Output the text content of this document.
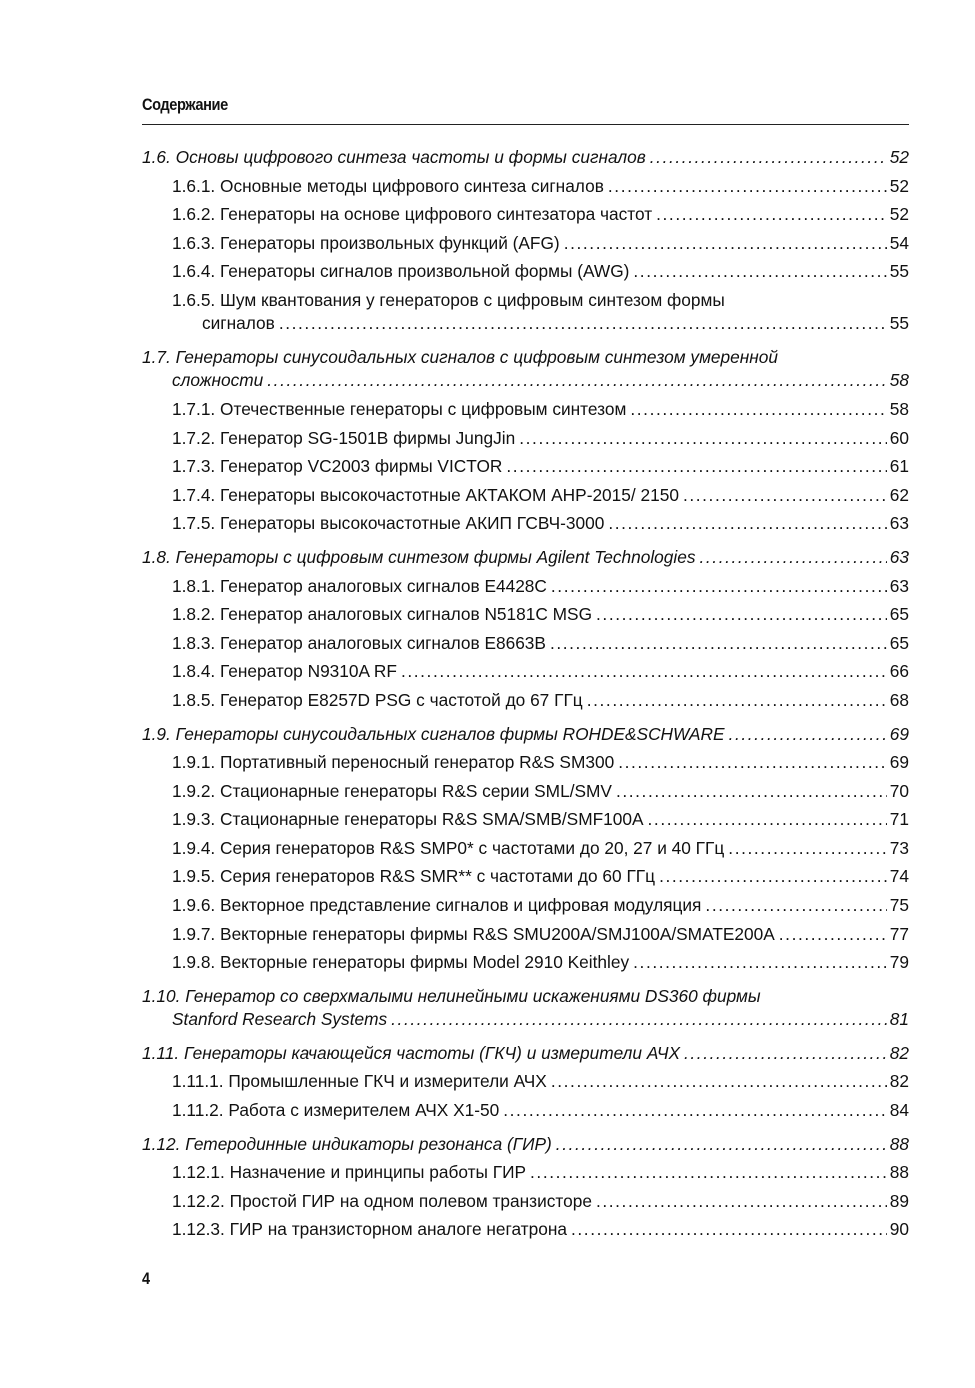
Содержание
1.6. Основы цифрового синтеза частоты и формы сигналов .....	52
1.6.1. Основные методы цифрового синтеза сигналов .....	52
1.6.2. Генераторы на основе цифрового синтезатора частот .....	52
1.6.3. Генераторы произвольных функций (AFG) .....	54
1.6.4. Генераторы сигналов произвольной формы (AWG) .....	55
1.6.5. Шум квантования у генераторов с цифровым синтезом формы
сигналов .....	55
1.7. Генераторы синусоидальных сигналов с цифровым синтезом умеренной
сложности .....	58
1.7.1. Отечественные генераторы с цифровым синтезом .....	58
1.7.2. Генератор SG-1501B фирмы JungJin .....	60
1.7.3. Генератор VC2003 фирмы VICTOR .....	61
1.7.4. Генераторы высокочастотные АКТАКОМ AHP-2015/ 2150 .....	62
1.7.5. Генераторы высокочастотные АКИП ГСВЧ-3000 .....	63
1.8. Генераторы с цифровым синтезом фирмы Agilent Technologies .....	63
1.8.1. Генератор аналоговых сигналов E4428C .....	63
1.8.2. Генератор аналоговых сигналов N5181C MSG .....	65
1.8.3. Генератор аналоговых сигналов E8663B .....	65
1.8.4. Генератор N9310A RF .....	66
1.8.5. Генератор E8257D PSG с частотой до 67 ГГц .....	68
1.9. Генераторы синусоидальных сигналов фирмы ROHDE&SCHWARE .....	69
1.9.1. Портативный переносный генератор R&S SM300 .....	69
1.9.2. Стационарные генераторы R&S серии SML/SMV .....	70
1.9.3. Стационарные генераторы R&S SMA/SMB/SMF100A .....	71
1.9.4. Серия генераторов R&S SMP0* с частотами до 20, 27 и 40 ГГц .....	73
1.9.5. Серия генераторов R&S SMR** с частотами до 60 ГГц .....	74
1.9.6. Векторное представление сигналов и цифровая модуляция .....	75
1.9.7. Векторные генераторы фирмы R&S SMU200A/SMJ100A/SMATE200A .....	77
1.9.8. Векторные генераторы фирмы Model 2910 Keithley .....	79
1.10. Генератор со сверхмалыми нелинейными искажениями DS360 фирмы
Stanford Research Systems .....	81
1.11. Генераторы качающейся частоты (ГКЧ) и измерители АЧХ .....	82
1.11.1. Промышленные ГКЧ и измерители АЧХ .....	82
1.11.2. Работа с измерителем АЧХ Х1-50 .....	84
1.12. Гетеродинные индикаторы резонанса (ГИР) .....	88
1.12.1. Назначение и принципы работы ГИР .....	88
1.12.2. Простой ГИР на одном полевом транзисторе .....	89
1.12.3. ГИР на транзисторном аналоге негатрона .....	90
4
